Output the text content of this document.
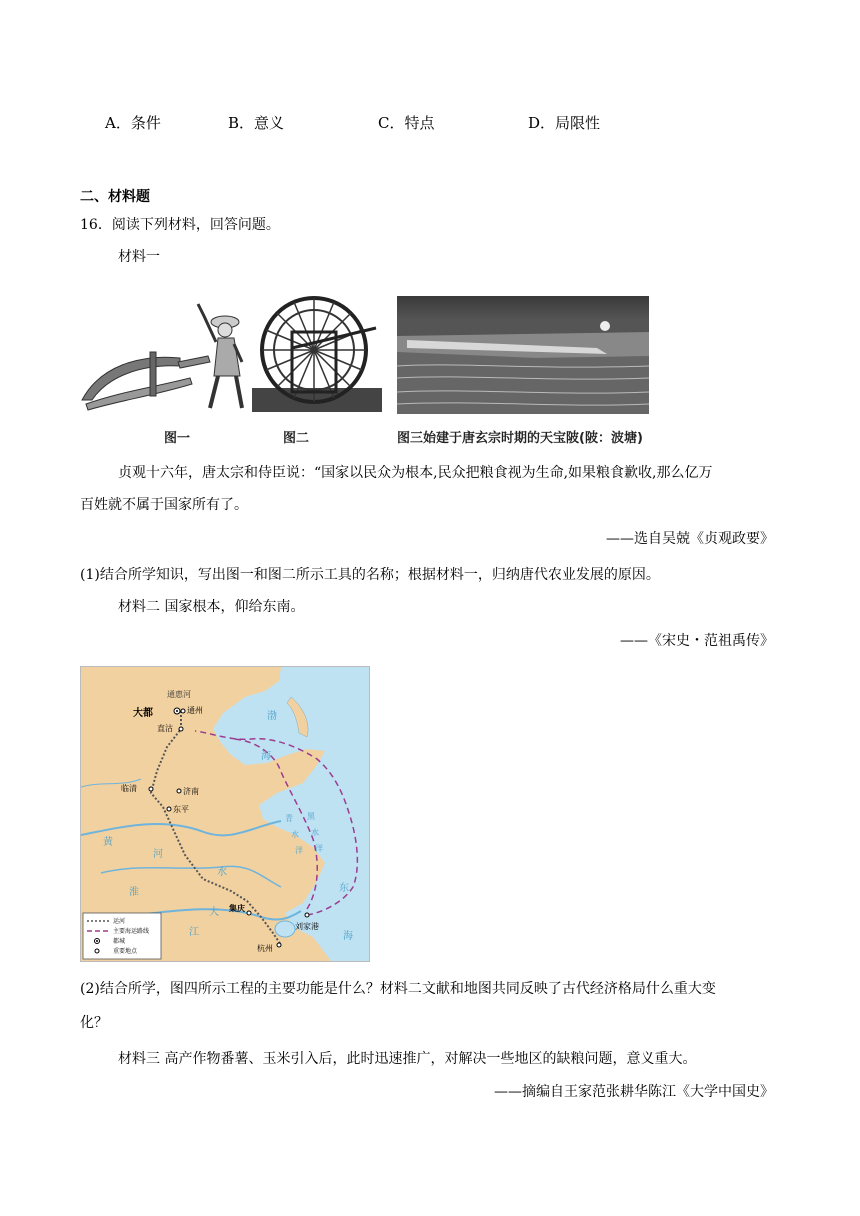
A．条件	B．意义	C．特点	D．局限性
二、材料题
16．阅读下列材料，回答问题。
材料一
图一	图二	图三始建于唐玄宗时期的天宝陂(陂：波塘)
贞观十六年，唐太宗和侍臣说：“国家以民众为根本,民众把粮食视为生命,如果粮食歉收,那么亿万
百姓就不属于国家所有了。
——选自吴兢《贞观政要》
(1)结合所学知识，写出图一和图二所示工具的名称；根据材料一，归纳唐代农业发展的原因。
材料二 国家根本，仰给东南。
——《宋史・范祖禹传》
通惠河
大都	通州
直沽
临清	济南
东平
集庆
刘家港
杭州
渤
海
黄
河
淮
水
大
江
青 黑
水 水
洋 洋
东
海
运河
主要海运路线
都城
重要地点
(2)结合所学，图四所示工程的主要功能是什么？材料二文献和地图共同反映了古代经济格局什么重大变
化？
材料三 高产作物番薯、玉米引入后，此时迅速推广，对解决一些地区的缺粮问题，意义重大。
——摘编自王家范张耕华陈江《大学中国史》
